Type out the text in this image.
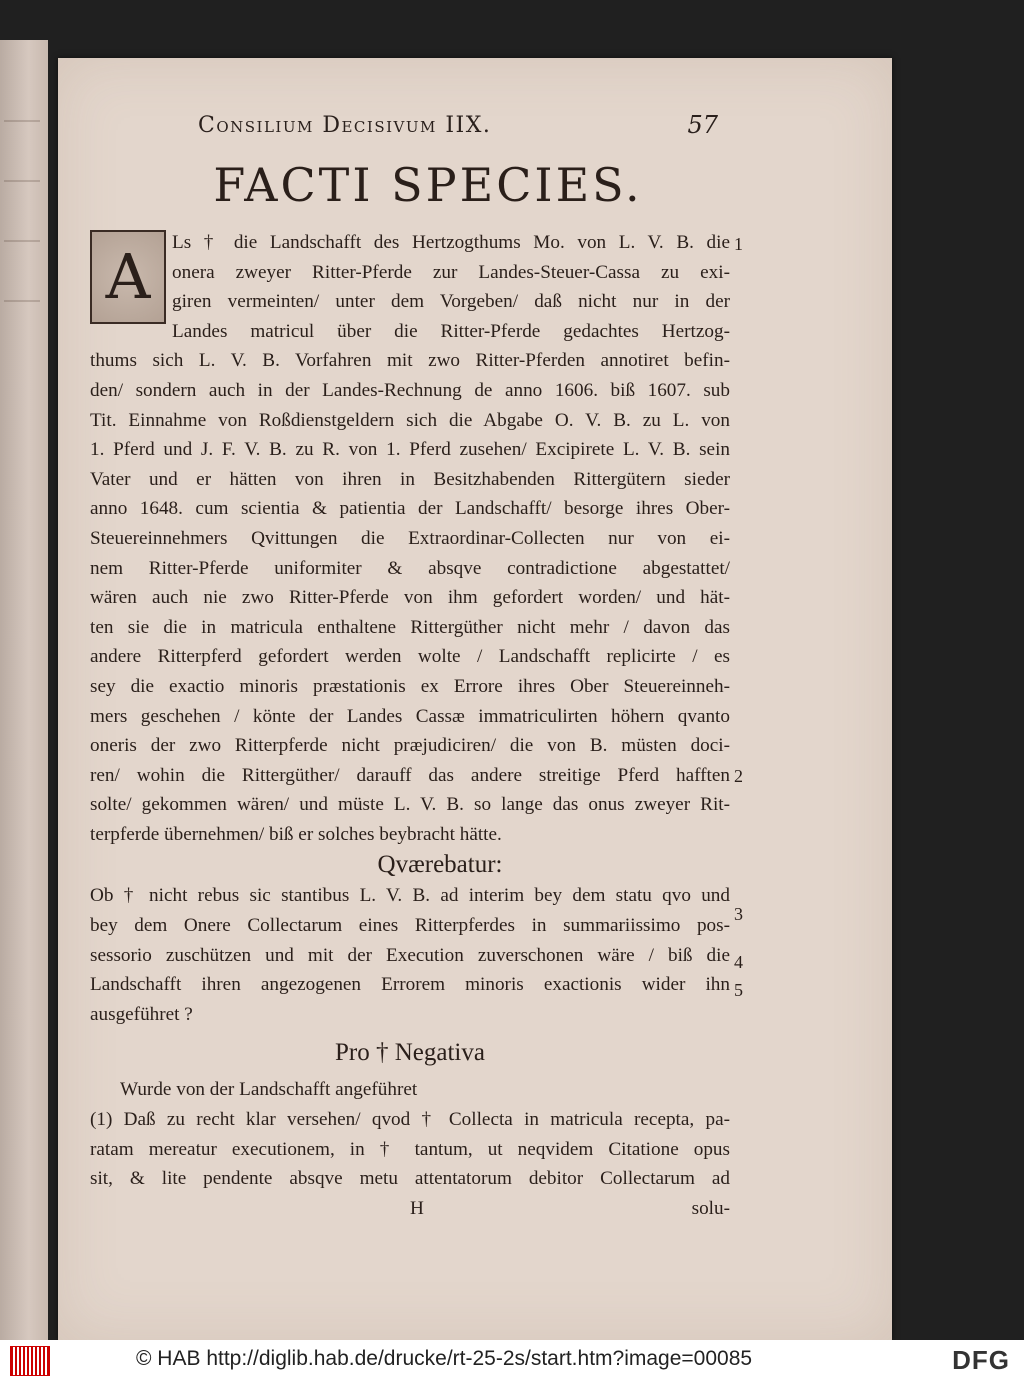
Consilium Decisivum IIX.	57
FACTI SPECIES.
A	Ls † die Landschafft des Hertzogthums Mo. von L. V. B. die
onera zweyer Ritter-Pferde zur Landes-Steuer-Cassa zu exi-
giren vermeinten/ unter dem Vorgeben/ daß nicht nur in der
Landes matricul über die Ritter-Pferde gedachtes Hertzog-
thums sich L. V. B. Vorfahren mit zwo Ritter-Pferden annotiret befin-
den/ sondern auch in der Landes-Rechnung de anno 1606. biß 1607. sub
Tit. Einnahme von Roßdienstgeldern sich die Abgabe O. V. B. zu L. von
1. Pferd und J. F. V. B. zu R. von 1. Pferd zusehen/ Excipirete L. V. B. sein
Vater und er hätten von ihren in Besitzhabenden Rittergütern sieder
anno 1648. cum scientia & patientia der Landschafft/ besorge ihres Ober-
Steuereinnehmers Qvittungen die Extraordinar-Collecten nur von ei-
nem Ritter-Pferde uniformiter & absqve contradictione abgestattet/
wären auch nie zwo Ritter-Pferde von ihm gefordert worden/ und hät-
ten sie die in matricula enthaltene Rittergüther nicht mehr / davon das
andere Ritterpferd gefordert werden wolte / Landschafft replicirte / es
sey die exactio minoris præstationis ex Errore ihres Ober Steuereinneh-
mers geschehen / könte der Landes Cassæ immatriculirten höhern qvanto
oneris der zwo Ritterpferde nicht præjudiciren/ die von B. müsten doci-
ren/ wohin die Rittergüther/ darauff das andere streitige Pferd hafften
solte/ gekommen wären/ und müste L. V. B. so lange das onus zweyer Rit-
terpferde übernehmen/ biß er solches beybracht hätte.
Qværebatur:
Ob † nicht rebus sic stantibus L. V. B. ad interim bey dem statu qvo und
bey dem Onere Collectarum eines Ritterpferdes in summariissimo pos-
sessorio zuschützen und mit der Execution zuverschonen wäre / biß die
Landschafft ihren angezogenen Errorem minoris exactionis wider ihn
ausgeführet ?
Pro † Negativa
Wurde von der Landschafft angeführet
(1) Daß zu recht klar versehen/ qvod † Collecta in matricula recepta, pa-
ratam mereatur executionem, in † tantum, ut neqvidem Citatione opus
sit, & lite pendente absqve metu attentatorum debitor Collectarum ad
H	solu-
1
2
3
4
5
© HAB http://diglib.hab.de/drucke/rt-25-2s/start.htm?image=00085	DFG
